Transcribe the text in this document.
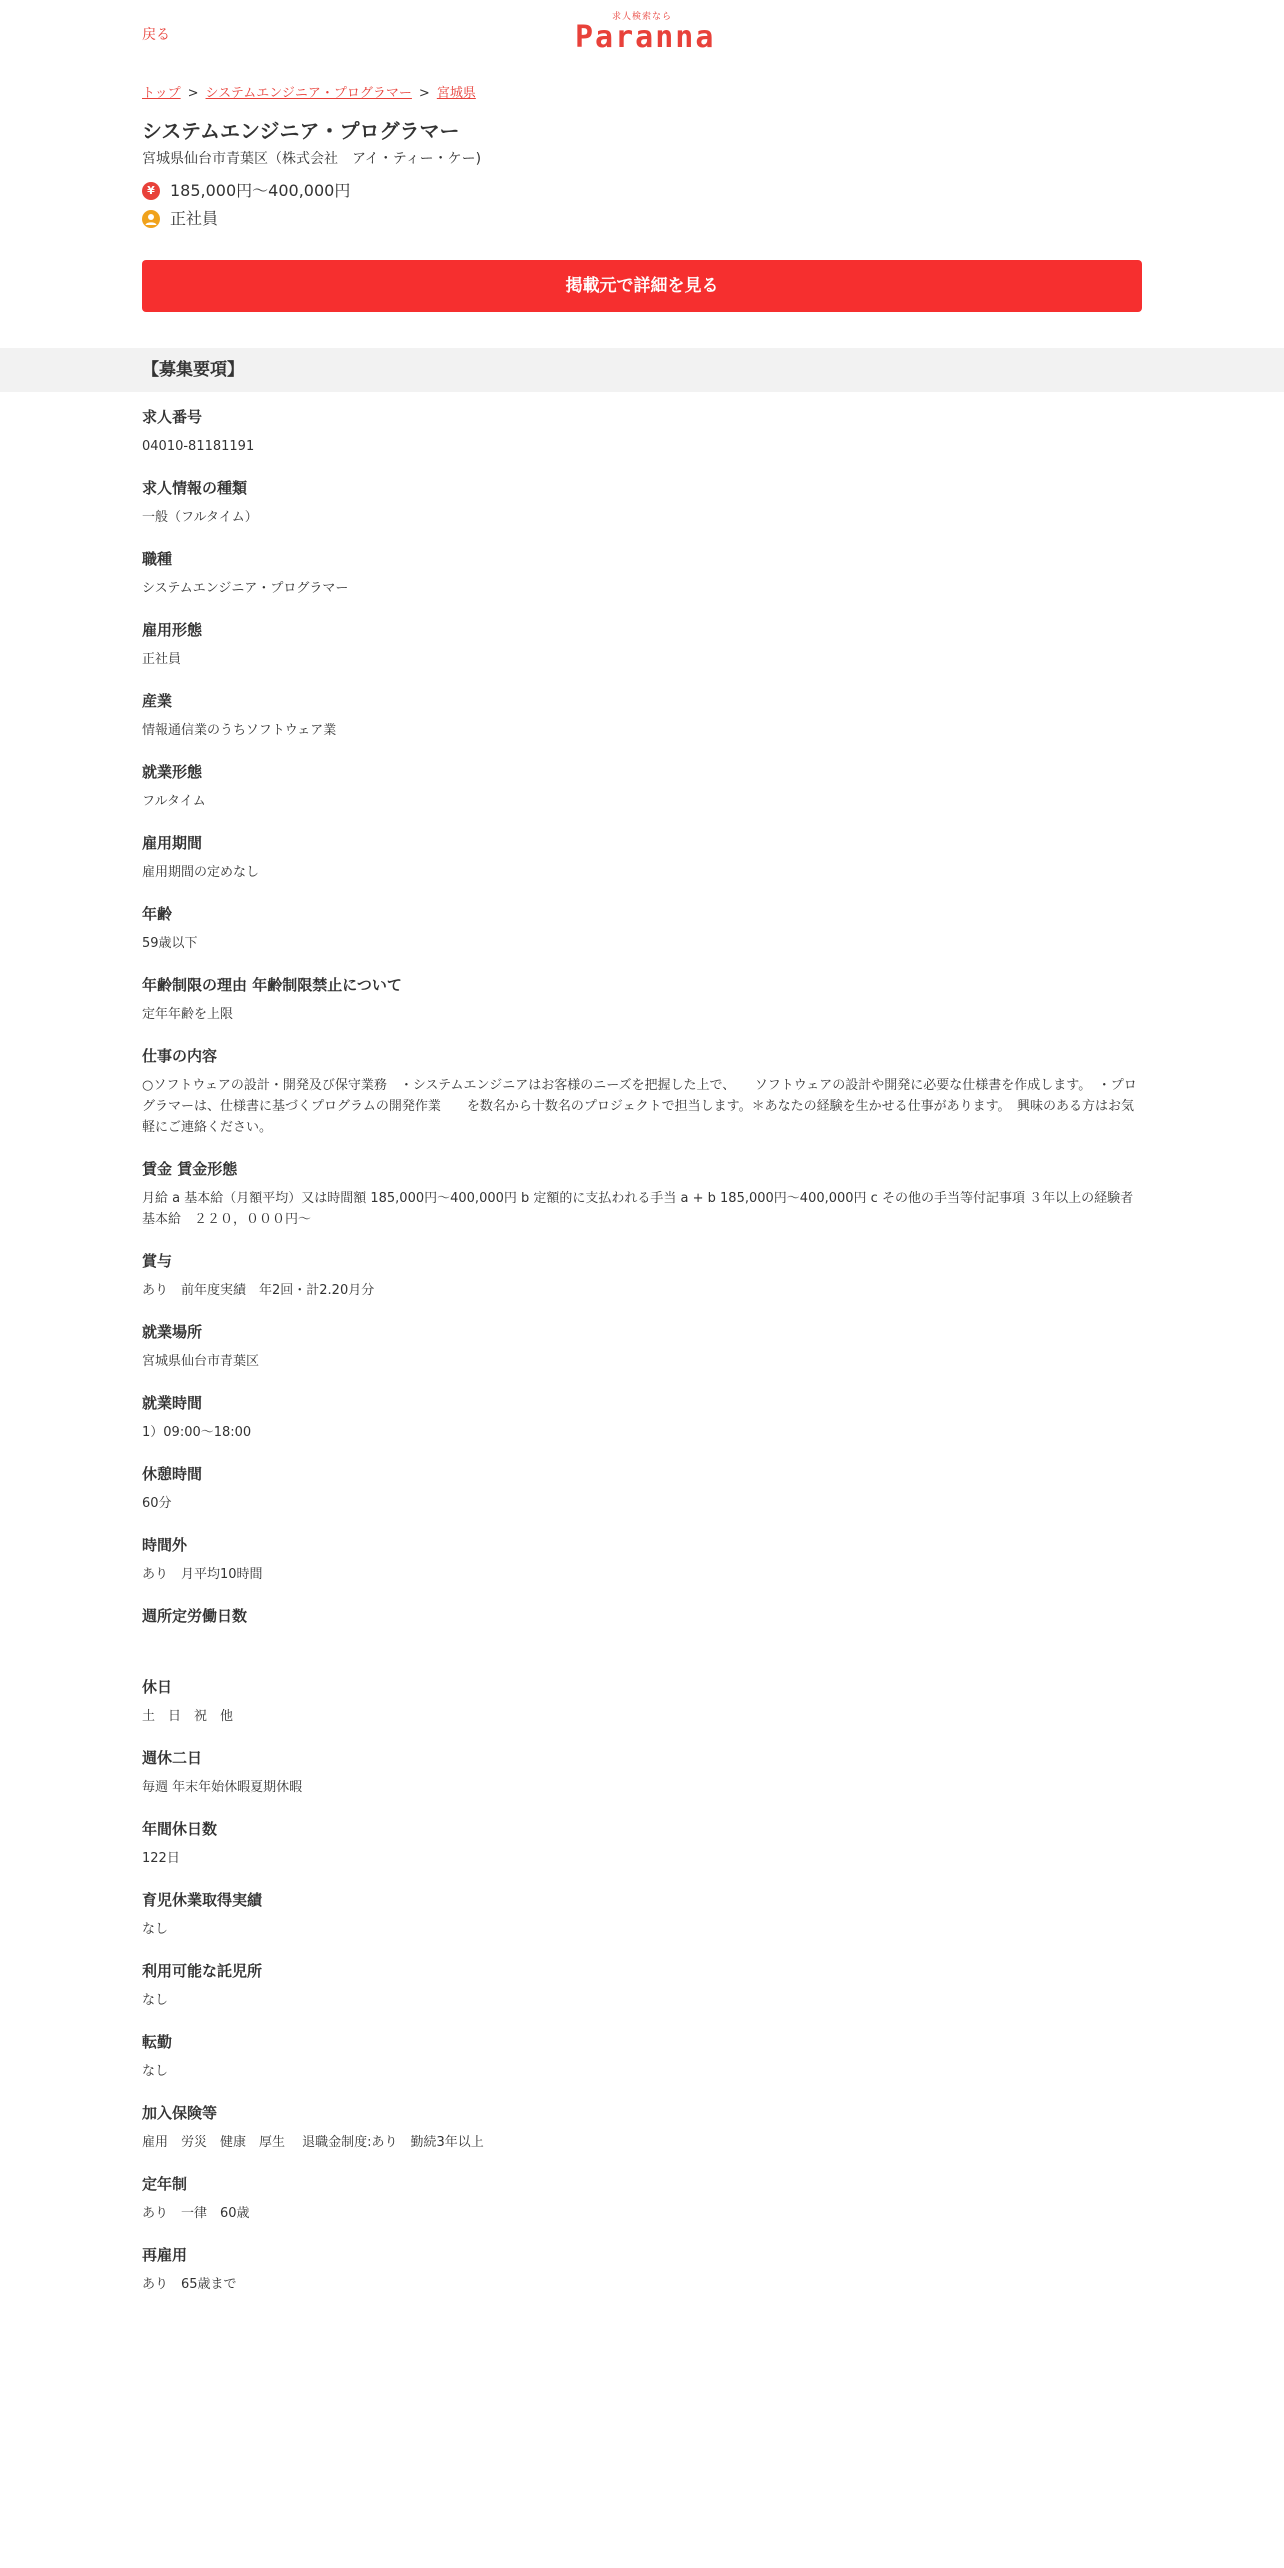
戻る
求人検索なら
Paranna
トップ > システムエンジニア・プログラマー > 宮城県
システムエンジニア・プログラマー
宮城県仙台市青葉区（株式会社　アイ・ティー・ケー)
¥ 185,000円～400,000円
正社員
掲載元で詳細を見る
【募集要項】
求人番号
04010-81181191
求人情報の種類
一般（フルタイム）
職種
システムエンジニア・プログラマー
雇用形態
正社員
産業
情報通信業のうちソフトウェア業
就業形態
フルタイム
雇用期間
雇用期間の定めなし
年齢
59歳以下
年齢制限の理由 年齢制限禁止について
定年年齢を上限
仕事の内容
○ソフトウェアの設計・開発及び保守業務　・システムエンジニアはお客様のニーズを把握した上で、　　ソフトウェアの設計や開発に必要な仕様書を作成します。　・プログラマーは、仕様書に基づくプログラムの開発作業　　を数名から十数名のプロジェクトで担当します。＊あなたの経験を生かせる仕事があります。　興味のある方はお気軽にご連絡ください。
賃金 賃金形態
月給 a 基本給（月額平均）又は時間額 185,000円～400,000円 b 定額的に支払われる手当 a + b 185,000円～400,000円 c その他の手当等付記事項 ３年以上の経験者　基本給　２２０，０００円～
賞与
あり　前年度実績　年2回・計2.20月分
就業場所
宮城県仙台市青葉区
就業時間
1）09:00～18:00
休憩時間
60分
時間外
あり　月平均10時間
週所定労働日数
休日
土　日　祝　他
週休二日
毎週 年末年始休暇夏期休暇
年間休日数
122日
育児休業取得実績
なし
利用可能な託児所
なし
転勤
なし
加入保険等
雇用　労災　健康　厚生　 退職金制度:あり　勤続3年以上
定年制
あり　一律　60歳
再雇用
あり　65歳まで
